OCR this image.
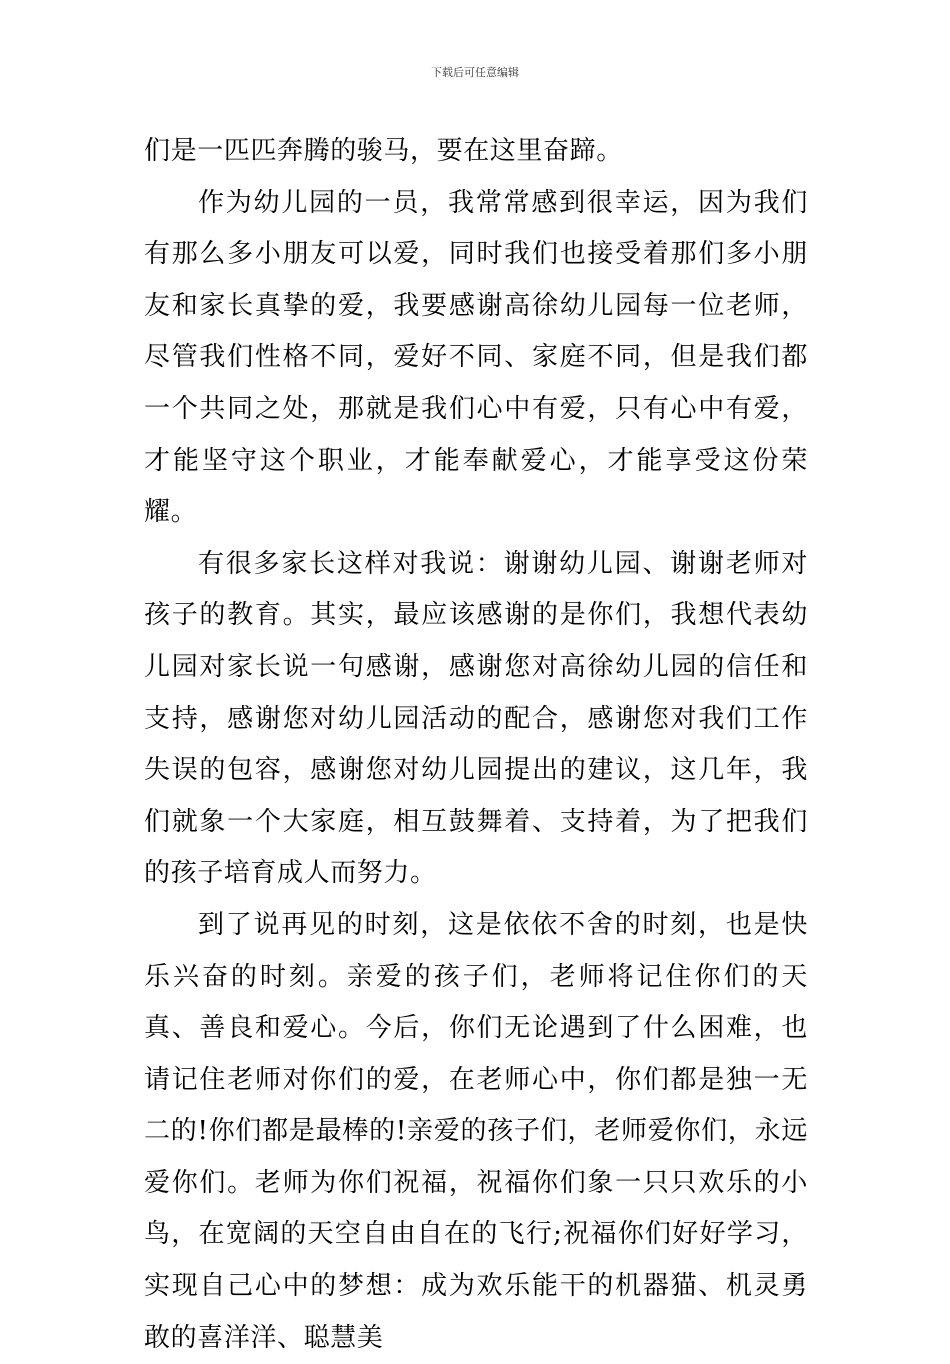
下载后可任意编辑

们是一匹匹奔腾的骏马，要在这里奋蹄。

作为幼儿园的一员，我常常感到很幸运，因为我们有那么多小朋友可以爱，同时我们也接受着那们多小朋友和家长真挚的爱，我要感谢高徐幼儿园每一位老师，尽管我们性格不同，爱好不同、家庭不同，但是我们都一个共同之处，那就是我们心中有爱，只有心中有爱，才能坚守这个职业，才能奉献爱心，才能享受这份荣耀。

有很多家长这样对我说：谢谢幼儿园、谢谢老师对孩子的教育。其实，最应该感谢的是你们，我想代表幼儿园对家长说一句感谢，感谢您对高徐幼儿园的信任和支持，感谢您对幼儿园活动的配合，感谢您对我们工作失误的包容，感谢您对幼儿园提出的建议，这几年，我们就象一个大家庭，相互鼓舞着、支持着，为了把我们的孩子培育成人而努力。

到了说再见的时刻，这是依依不舍的时刻，也是快乐兴奋的时刻。亲爱的孩子们，老师将记住你们的天真、善良和爱心。今后，你们无论遇到了什么困难，也请记住老师对你们的爱，在老师心中，你们都是独一无二的!你们都是最棒的!亲爱的孩子们，老师爱你们，永远爱你们。老师为你们祝福，祝福你们象一只只欢乐的小鸟，在宽阔的天空自由自在的飞行;祝福你们好好学习，实现自己心中的梦想：成为欢乐能干的机器猫、机灵勇敢的喜洋洋、聪慧美
